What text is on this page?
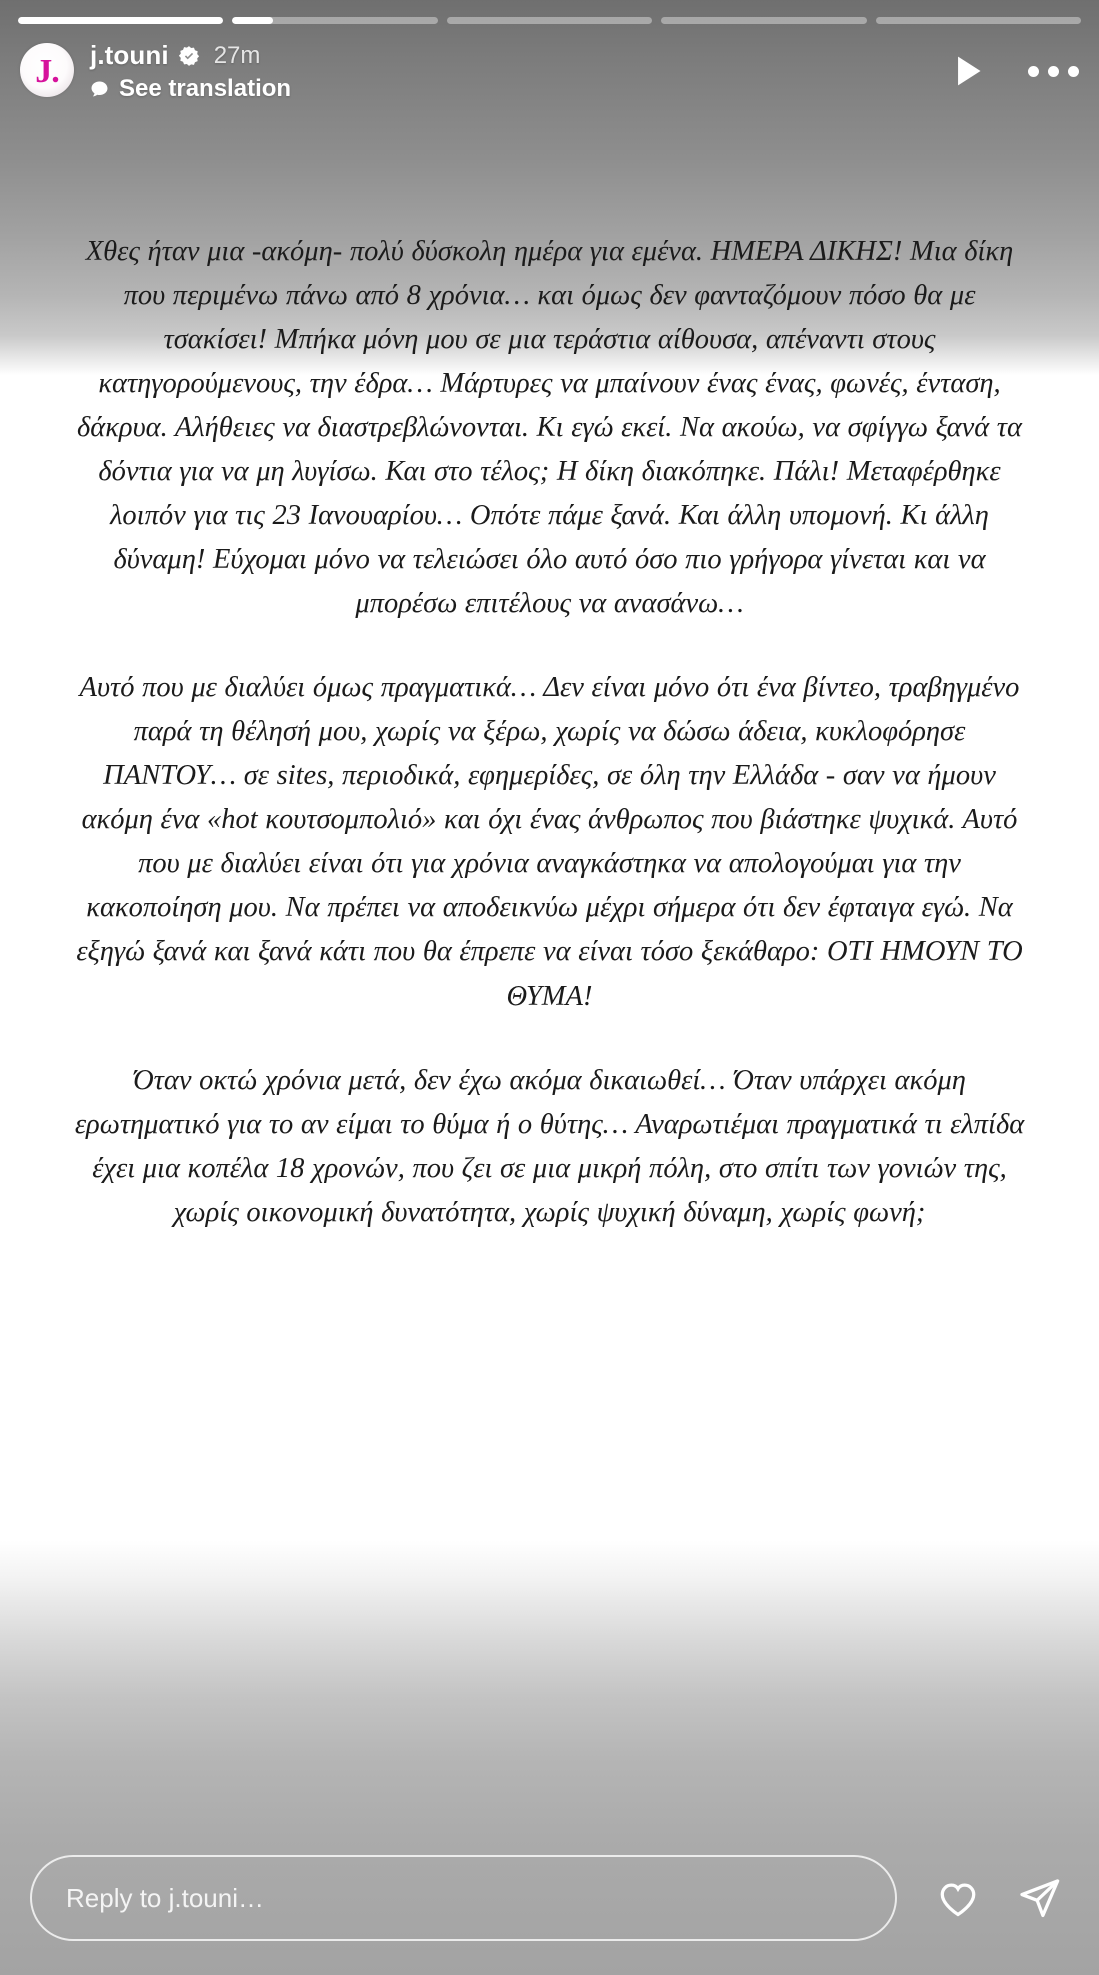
J. j.touni 27m
See translation

Χθες ήταν μια -ακόμη- πολύ δύσκολη ημέρα για εμένα. ΗΜΕΡΑ ΔΙΚΗΣ! Μια δίκη που περιμένω πάνω από 8 χρόνια… και όμως δεν φανταζόμουν πόσο θα με τσακίσει! Μπήκα μόνη μου σε μια τεράστια αίθουσα, απέναντι στους κατηγορούμενους, την έδρα… Μάρτυρες να μπαίνουν ένας ένας, φωνές, ένταση, δάκρυα. Αλήθειες να διαστρεβλώνονται. Κι εγώ εκεί. Να ακούω, να σφίγγω ξανά τα δόντια για να μη λυγίσω. Και στο τέλος; Η δίκη διακόπηκε. Πάλι! Μεταφέρθηκε λοιπόν για τις 23 Ιανουαρίου… Οπότε πάμε ξανά. Και άλλη υπομονή. Κι άλλη δύναμη! Εύχομαι μόνο να τελειώσει όλο αυτό όσο πιο γρήγορα γίνεται και να μπορέσω επιτέλους να ανασάνω…

Αυτό που με διαλύει όμως πραγματικά… Δεν είναι μόνο ότι ένα βίντεο, τραβηγμένο παρά τη θέλησή μου, χωρίς να ξέρω, χωρίς να δώσω άδεια, κυκλοφόρησε ΠΑΝΤΟΥ… σε sites, περιοδικά, εφημερίδες, σε όλη την Ελλάδα - σαν να ήμουν ακόμη ένα «hot κουτσομπολιό» και όχι ένας άνθρωπος που βιάστηκε ψυχικά. Αυτό που με διαλύει είναι ότι για χρόνια αναγκάστηκα να απολογούμαι για την κακοποίηση μου. Να πρέπει να αποδεικνύω μέχρι σήμερα ότι δεν έφταιγα εγώ. Να εξηγώ ξανά και ξανά κάτι που θα έπρεπε να είναι τόσο ξεκάθαρο: ΟΤΙ ΗΜΟΥΝ ΤΟ ΘΥΜΑ!

Όταν οκτώ χρόνια μετά, δεν έχω ακόμα δικαιωθεί… Όταν υπάρχει ακόμη ερωτηματικό για το αν είμαι το θύμα ή ο θύτης… Αναρωτιέμαι πραγματικά τι ελπίδα έχει μια κοπέλα 18 χρονών, που ζει σε μια μικρή πόλη, στο σπίτι των γονιών της, χωρίς οικονομική δυνατότητα, χωρίς ψυχική δύναμη, χωρίς φωνή;

Reply to j.touni…
